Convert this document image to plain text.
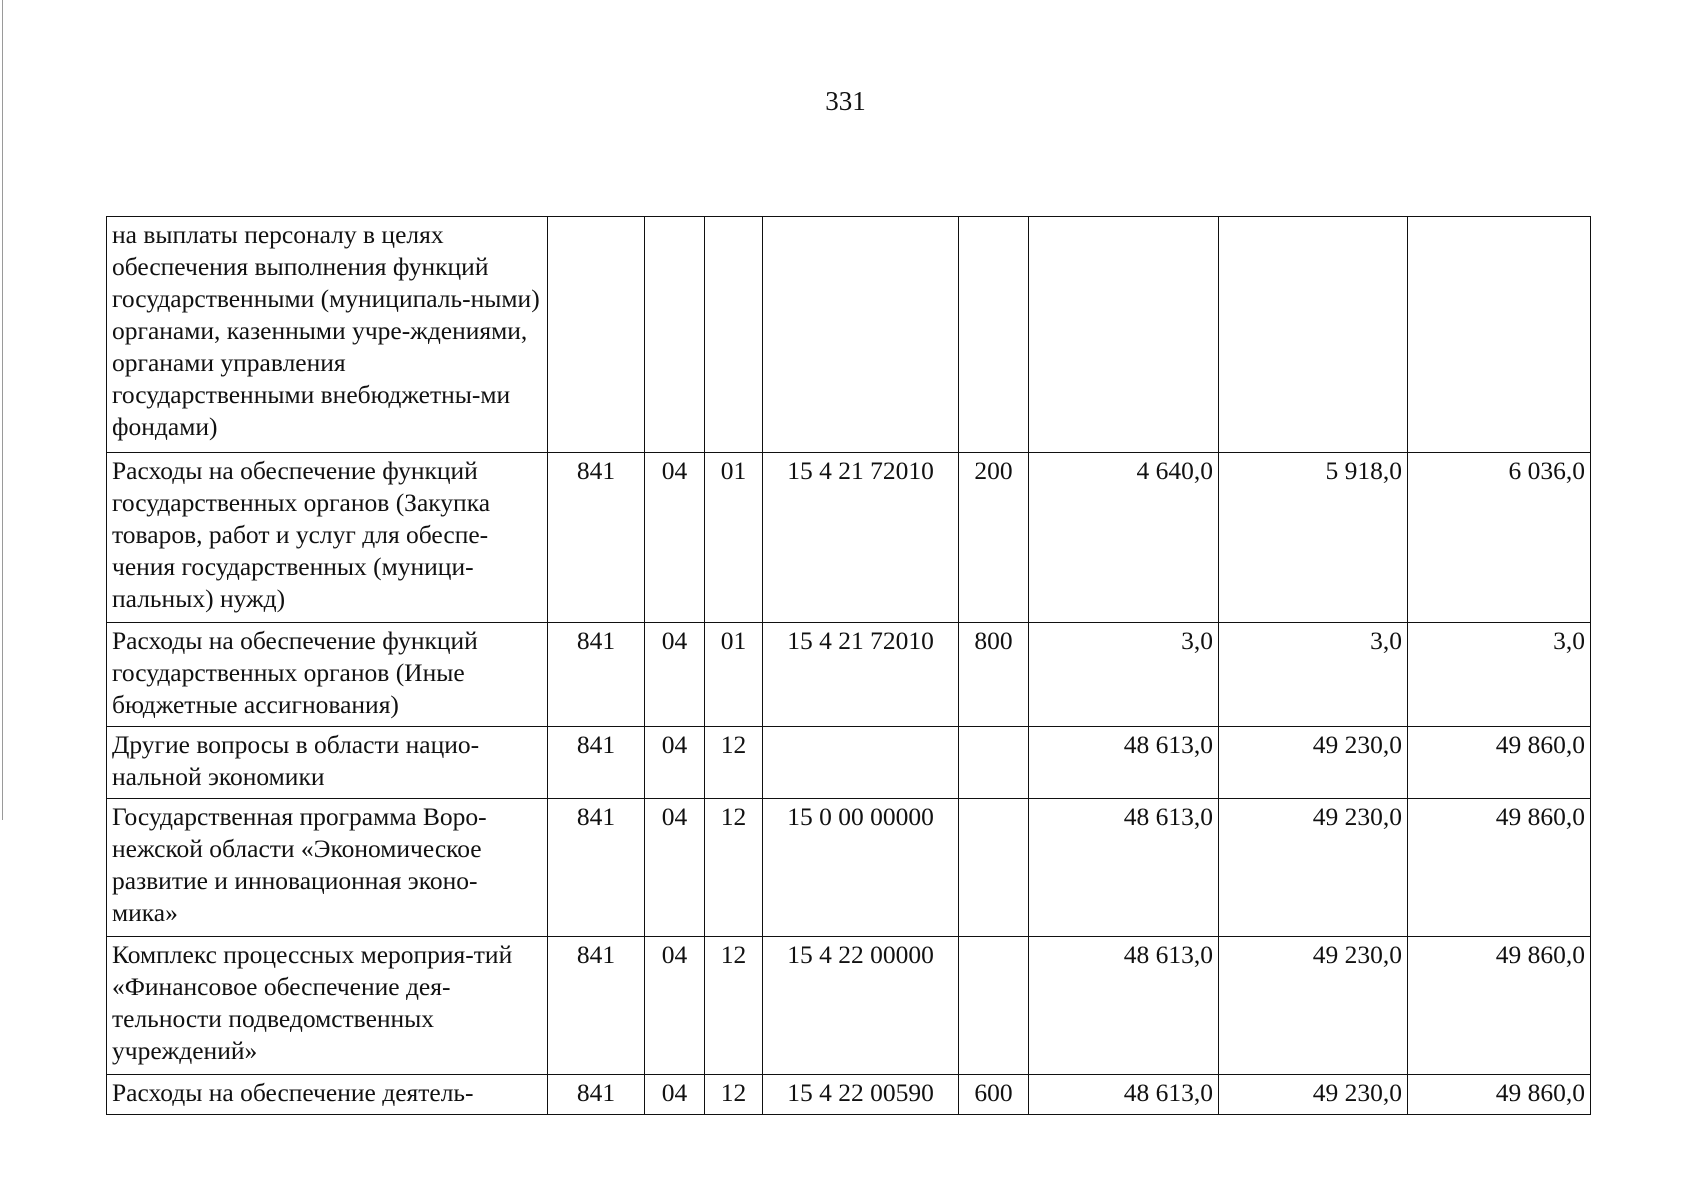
331
на выплаты персоналу в целях обеспечения выполнения функций государственными (муниципаль-ными) органами, казенными учре-ждениями, органами управления государственными внебюджетны-ми фондами)								

Расходы на обеспечение функций государственных органов (Закупка товаров, работ и услуг для обеспе-чения государственных (муници-пальных) нужд)	841	04	01	15 4 21 72010	200	4 640,0	5 918,0	6 036,0

Расходы на обеспечение функций государственных органов (Иные бюджетные ассигнования)	841	04	01	15 4 21 72010	800	3,0	3,0	3,0

Другие вопросы в области нацио-нальной экономики	841	04	12			48 613,0	49 230,0	49 860,0

Государственная программа Воро-нежской области «Экономическое развитие и инновационная эконо-мика»	841	04	12	15 0 00 00000		48 613,0	49 230,0	49 860,0

Комплекс процессных мероприя-тий «Финансовое обеспечение дея-тельности подведомственных учреждений»	841	04	12	15 4 22 00000		48 613,0	49 230,0	49 860,0

Расходы на обеспечение деятель-	841	04	12	15 4 22 00590	600	48 613,0	49 230,0	49 860,0
